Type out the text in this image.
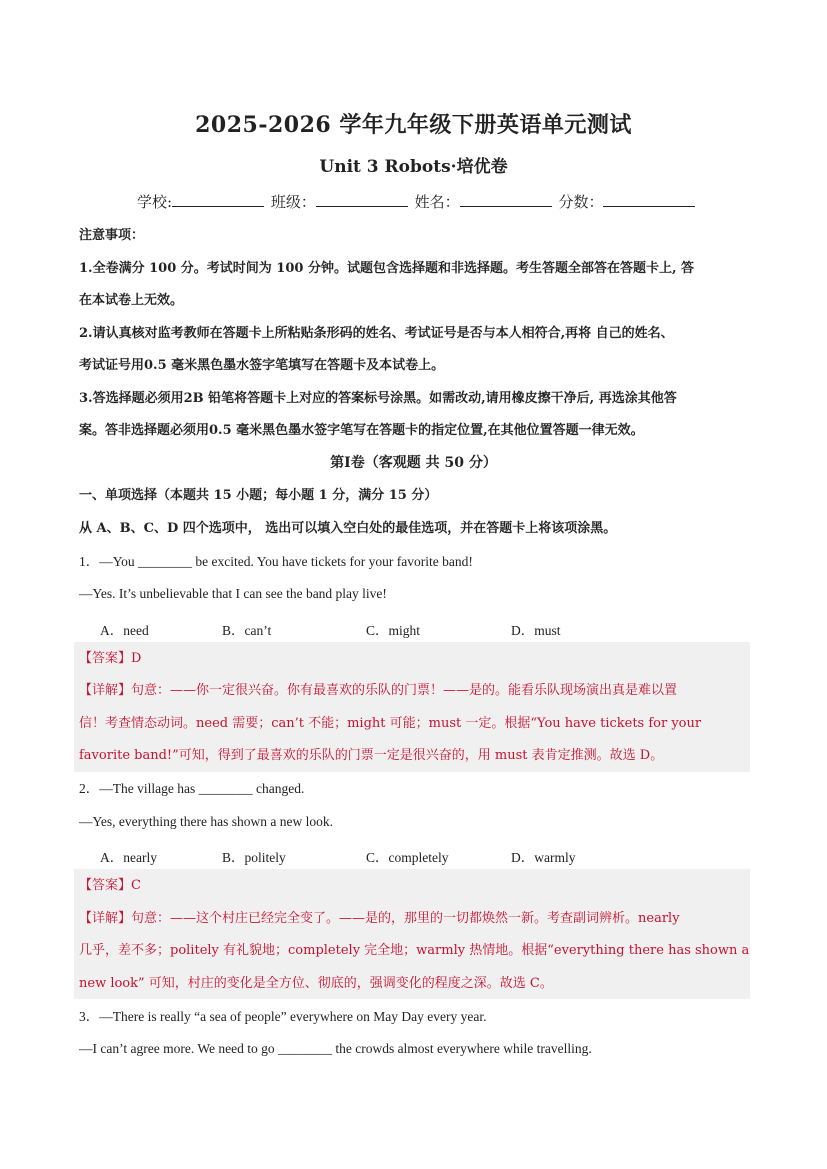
2025-2026 学年九年级下册英语单元测试
Unit 3 Robots·培优卷
学校:	班级：	姓名：	分数：
注意事项：
1.全卷满分 100 分。考试时间为 100 分钟。试题包含选择题和非选择题。考生答题全部答在答题卡上, 答
在本试卷上无效。
2.请认真核对监考教师在答题卡上所粘贴条形码的姓名、考试证号是否与本人相符合,再将 自己的姓名、
考试证号用0.5 毫米黑色墨水签字笔填写在答题卡及本试卷上。
3.答选择题必须用2B 铅笔将答题卡上对应的答案标号涂黑。如需改动,请用橡皮擦干净后, 再选涂其他答
案。答非选择题必须用0.5 毫米黑色墨水签字笔写在答题卡的指定位置,在其他位置答题一律无效。
第Ⅰ卷（客观题 共 50 分）
一、单项选择（本题共 15 小题；每小题 1 分，满分 15 分）
从 A、B、C、D 四个选项中， 选出可以填入空白处的最佳选项，并在答题卡上将该项涂黑。
1．—You ________ be excited. You have tickets for your favorite band!
—Yes. It’s unbelievable that I can see the band play live!
A．need	B．can’t	C．might	D．must
【答案】D
【详解】句意：——你一定很兴奋。你有最喜欢的乐队的门票！——是的。能看乐队现场演出真是难以置
信！考查情态动词。need 需要；can’t 不能；might 可能；must 一定。根据“You have tickets for your
favorite band!”可知，得到了最喜欢的乐队的门票一定是很兴奋的，用 must 表肯定推测。故选 D。
2．—The village has ________ changed.
—Yes, everything there has shown a new look.
A．nearly	B．politely	C．completely	D．warmly
【答案】C
【详解】句意：——这个村庄已经完全变了。——是的，那里的一切都焕然一新。考查副词辨析。nearly
几乎，差不多；politely 有礼貌地；completely 完全地；warmly 热情地。根据“everything there has shown a
new look” 可知，村庄的变化是全方位、彻底的，强调变化的程度之深。故选 C。
3．—There is really “a sea of people” everywhere on May Day every year.
—I can’t agree more. We need to go ________ the crowds almost everywhere while travelling.
